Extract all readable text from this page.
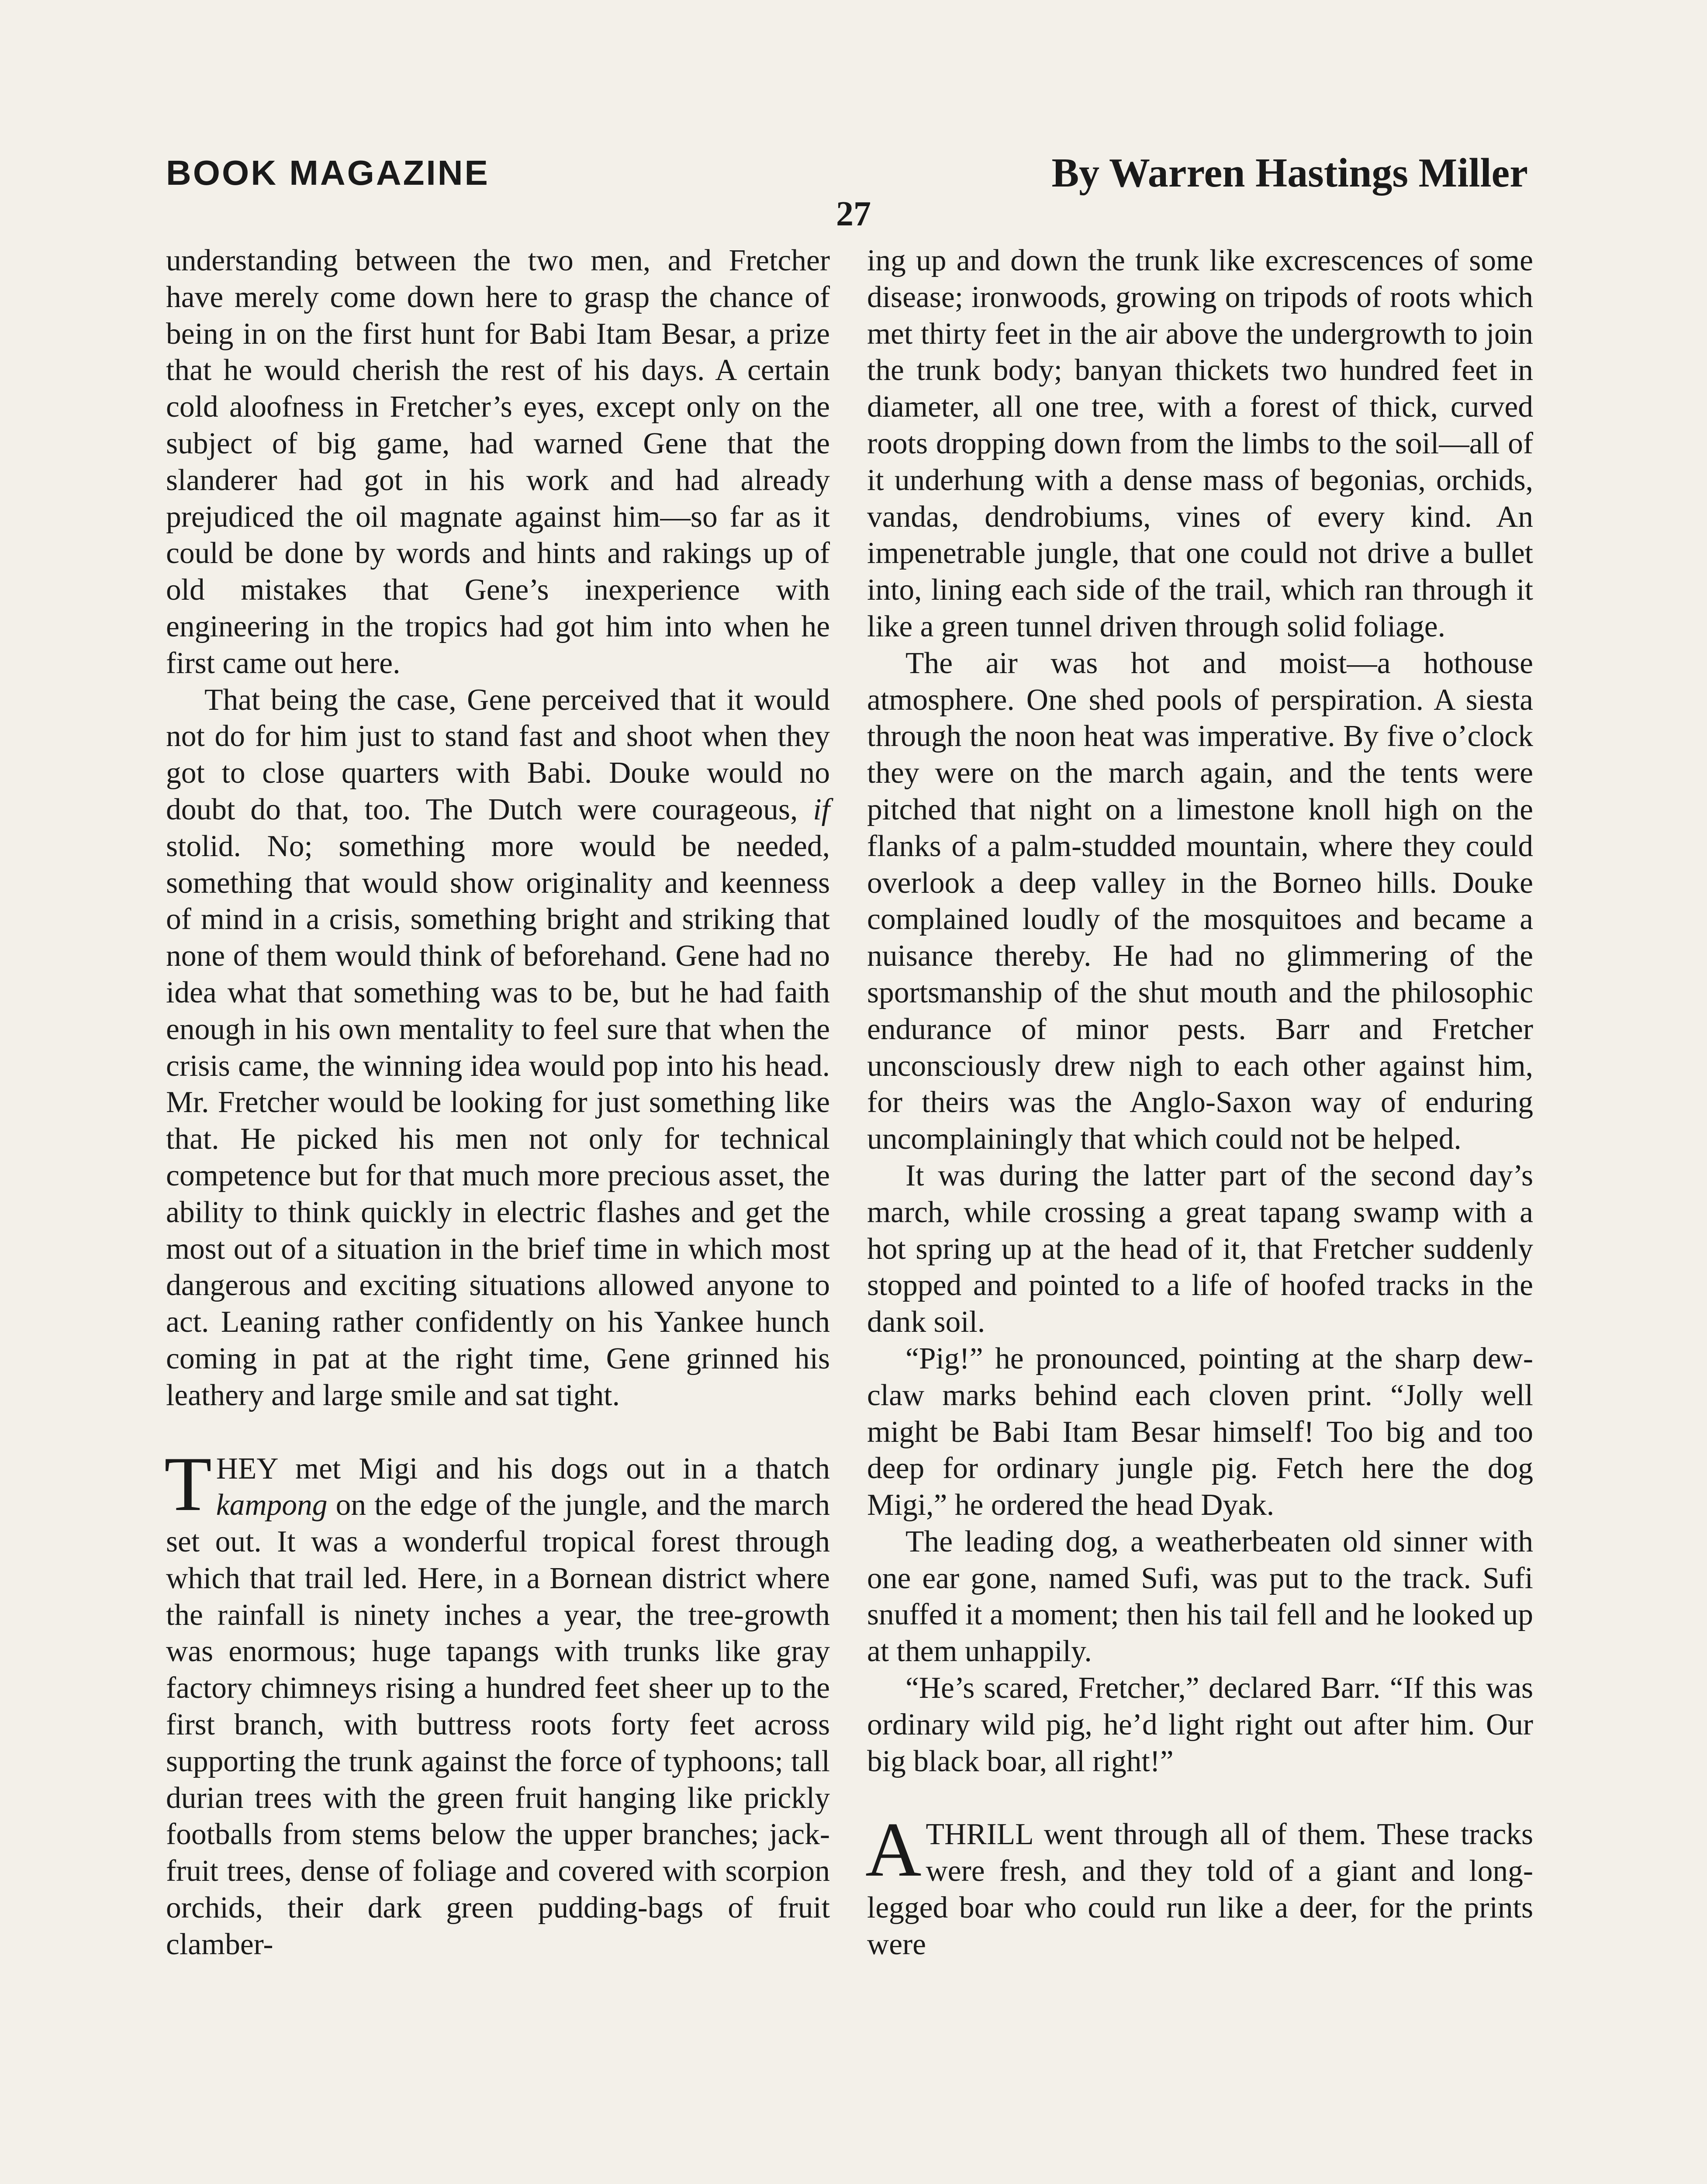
BOOK MAGAZINE	By Warren Hastings Miller
27

understanding between the two men, and Fretcher have merely come down here to grasp the chance of being in on the first hunt for Babi Itam Besar, a prize that he would cherish the rest of his days. A certain cold aloofness in Fretcher’s eyes, except only on the subject of big game, had warned Gene that the slanderer had got in his work and had already prejudiced the oil magnate against him—so far as it could be done by words and hints and rakings up of old mistakes that Gene’s inexperience with engineering in the tropics had got him into when he first came out here.

That being the case, Gene perceived that it would not do for him just to stand fast and shoot when they got to close quarters with Babi. Douke would no doubt do that, too. The Dutch were courageous, if stolid. No; something more would be needed, something that would show originality and keenness of mind in a crisis, something bright and striking that none of them would think of beforehand. Gene had no idea what that something was to be, but he had faith enough in his own mentality to feel sure that when the crisis came, the winning idea would pop into his head. Mr. Fretcher would be looking for just something like that. He picked his men not only for technical competence but for that much more precious asset, the ability to think quickly in electric flashes and get the most out of a situation in the brief time in which most dangerous and exciting situations allowed anyone to act. Leaning rather confidently on his Yankee hunch coming in pat at the right time, Gene grinned his leathery and large smile and sat tight.

THEY met Migi and his dogs out in a thatch kampong on the edge of the jungle, and the march set out. It was a wonderful tropical forest through which that trail led. Here, in a Bornean district where the rainfall is ninety inches a year, the tree-growth was enormous; huge tapangs with trunks like gray factory chimneys rising a hundred feet sheer up to the first branch, with buttress roots forty feet across supporting the trunk against the force of typhoons; tall durian trees with the green fruit hanging like prickly footballs from stems below the upper branches; jack-fruit trees, dense of foliage and covered with scorpion orchids, their dark green pudding-bags of fruit clamber-

ing up and down the trunk like excrescences of some disease; ironwoods, growing on tripods of roots which met thirty feet in the air above the undergrowth to join the trunk body; banyan thickets two hundred feet in diameter, all one tree, with a forest of thick, curved roots dropping down from the limbs to the soil—all of it underhung with a dense mass of begonias, orchids, vandas, dendrobiums, vines of every kind. An impenetrable jungle, that one could not drive a bullet into, lining each side of the trail, which ran through it like a green tunnel driven through solid foliage.

The air was hot and moist—a hothouse atmosphere. One shed pools of perspiration. A siesta through the noon heat was imperative. By five o’clock they were on the march again, and the tents were pitched that night on a limestone knoll high on the flanks of a palm-studded mountain, where they could overlook a deep valley in the Borneo hills. Douke complained loudly of the mosquitoes and became a nuisance thereby. He had no glimmering of the sportsmanship of the shut mouth and the philosophic endurance of minor pests. Barr and Fretcher unconsciously drew nigh to each other against him, for theirs was the Anglo-Saxon way of enduring uncomplainingly that which could not be helped.

It was during the latter part of the second day’s march, while crossing a great tapang swamp with a hot spring up at the head of it, that Fretcher suddenly stopped and pointed to a life of hoofed tracks in the dank soil.

“Pig!” he pronounced, pointing at the sharp dew-claw marks behind each cloven print. “Jolly well might be Babi Itam Besar himself! Too big and too deep for ordinary jungle pig. Fetch here the dog Migi,” he ordered the head Dyak.

The leading dog, a weatherbeaten old sinner with one ear gone, named Sufi, was put to the track. Sufi snuffed it a moment; then his tail fell and he looked up at them unhappily.

“He’s scared, Fretcher,” declared Barr. “If this was ordinary wild pig, he’d light right out after him. Our big black boar, all right!”

A THRILL went through all of them. These tracks were fresh, and they told of a giant and long-legged boar who could run like a deer, for the prints were
